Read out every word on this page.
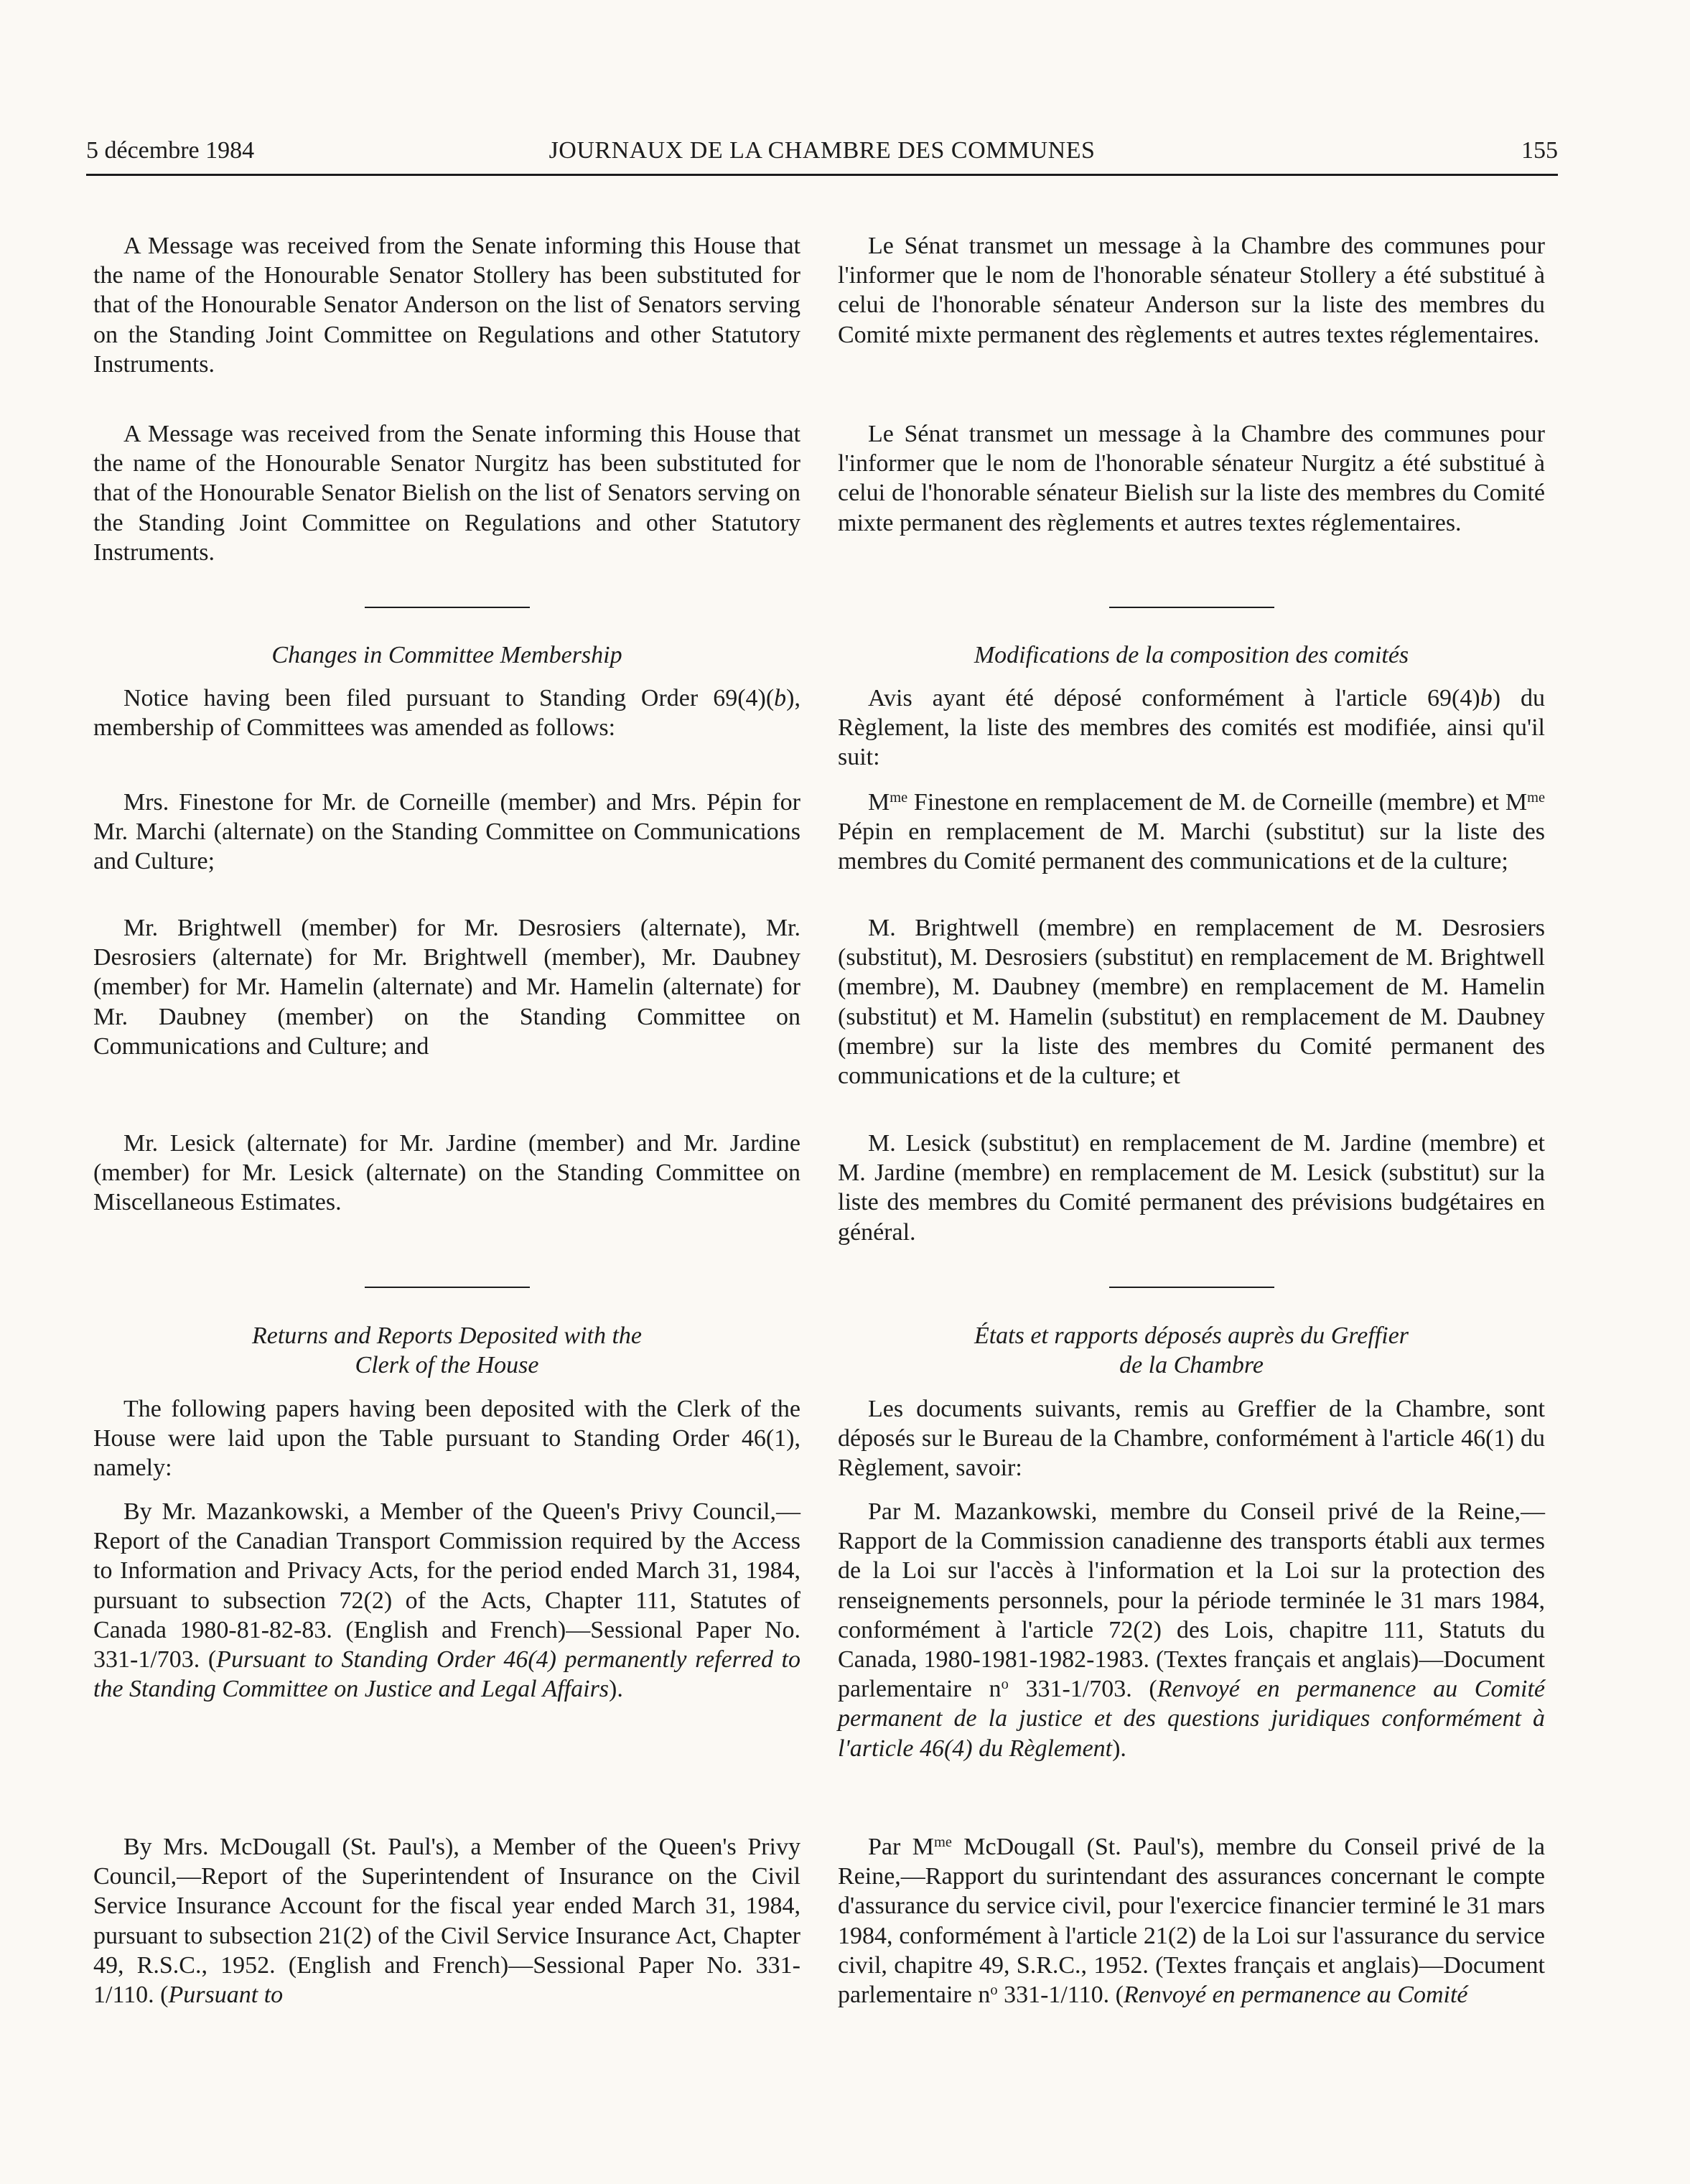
5 décembre 1984	JOURNAUX DE LA CHAMBRE DES COMMUNES	155

A Message was received from the Senate informing this House that the name of the Honourable Senator Stollery has been substituted for that of the Honourable Senator Anderson on the list of Senators serving on the Standing Joint Committee on Regulations and other Statutory Instruments.

A Message was received from the Senate informing this House that the name of the Honourable Senator Nurgitz has been substituted for that of the Honourable Senator Bielish on the list of Senators serving on the Standing Joint Committee on Regulations and other Statutory Instruments.

Changes in Committee Membership

Notice having been filed pursuant to Standing Order 69(4)(b), membership of Committees was amended as follows:

Mrs. Finestone for Mr. de Corneille (member) and Mrs. Pépin for Mr. Marchi (alternate) on the Standing Committee on Communications and Culture;

Mr. Brightwell (member) for Mr. Desrosiers (alternate), Mr. Desrosiers (alternate) for Mr. Brightwell (member), Mr. Daubney (member) for Mr. Hamelin (alternate) and Mr. Hamelin (alternate) for Mr. Daubney (member) on the Standing Committee on Communications and Culture; and

Mr. Lesick (alternate) for Mr. Jardine (member) and Mr. Jardine (member) for Mr. Lesick (alternate) on the Standing Committee on Miscellaneous Estimates.

Returns and Reports Deposited with the

Clerk of the House

The following papers having been deposited with the Clerk of the House were laid upon the Table pursuant to Standing Order 46(1), namely:

By Mr. Mazankowski, a Member of the Queen's Privy Council,—Report of the Canadian Transport Commission required by the Access to Information and Privacy Acts, for the period ended March 31, 1984, pursuant to subsection 72(2) of the Acts, Chapter 111, Statutes of Canada 1980-81-82-83. (English and French)—Sessional Paper No. 331-1/703. (Pursuant to Standing Order 46(4) permanently referred to the Standing Committee on Justice and Legal Affairs).

By Mrs. McDougall (St. Paul's), a Member of the Queen's Privy Council,—Report of the Superintendent of Insurance on the Civil Service Insurance Account for the fiscal year ended March 31, 1984, pursuant to subsection 21(2) of the Civil Service Insurance Act, Chapter 49, R.S.C., 1952. (English and French)—Sessional Paper No. 331-1/110. (Pursuant to

Le Sénat transmet un message à la Chambre des communes pour l'informer que le nom de l'honorable sénateur Stollery a été substitué à celui de l'honorable sénateur Anderson sur la liste des membres du Comité mixte permanent des règlements et autres textes réglementaires.

Le Sénat transmet un message à la Chambre des communes pour l'informer que le nom de l'honorable sénateur Nurgitz a été substitué à celui de l'honorable sénateur Bielish sur la liste des membres du Comité mixte permanent des règlements et autres textes réglementaires.

Modifications de la composition des comités

Avis ayant été déposé conformément à l'article 69(4)b) du Règlement, la liste des membres des comités est modifiée, ainsi qu'il suit:

$M^{me}$ Finestone en remplacement de M. de Corneille (membre) et $M^{me}$ Pépin en remplacement de M. Marchi (substitut) sur la liste des membres du Comité permanent des communications et de la culture;

M. Brightwell (membre) en remplacement de M. Desrosiers (substitut), M. Desrosiers (substitut) en remplacement de M. Brightwell (membre), M. Daubney (membre) en remplacement de M. Hamelin (substitut) et M. Hamelin (substitut) en remplacement de M. Daubney (membre) sur la liste des membres du Comité permanent des communications et de la culture; et

M. Lesick (substitut) en remplacement de M. Jardine (membre) et M. Jardine (membre) en remplacement de M. Lesick (substitut) sur la liste des membres du Comité permanent des prévisions budgétaires en général.

États et rapports déposés auprès du Greffier

de la Chambre

Les documents suivants, remis au Greffier de la Chambre, sont déposés sur le Bureau de la Chambre, conformément à l'article 46(1) du Règlement, savoir:

Par M. Mazankowski, membre du Conseil privé de la Reine,—Rapport de la Commission canadienne des transports établi aux termes de la Loi sur l'accès à l'information et la Loi sur la protection des renseignements personnels, pour la période terminée le 31 mars 1984, conformément à l'article 72(2) des Lois, chapitre 111, Statuts du Canada, 1980-1981-1982-1983. (Textes français et anglais)—Document parlementaire $n^o$ 331-1/703. (Renvoyé en permanence au Comité permanent de la justice et des questions juridiques conformément à l'article 46(4) du Règlement).

Par $M^{me}$ McDougall (St. Paul's), membre du Conseil privé de la Reine,—Rapport du surintendant des assurances concernant le compte d'assurance du service civil, pour l'exercice financier terminé le 31 mars 1984, conformément à l'article 21(2) de la Loi sur l'assurance du service civil, chapitre 49, S.R.C., 1952. (Textes français et anglais)—Document parlementaire $n^o$ 331-1/110. (Renvoyé en permanence au Comité
